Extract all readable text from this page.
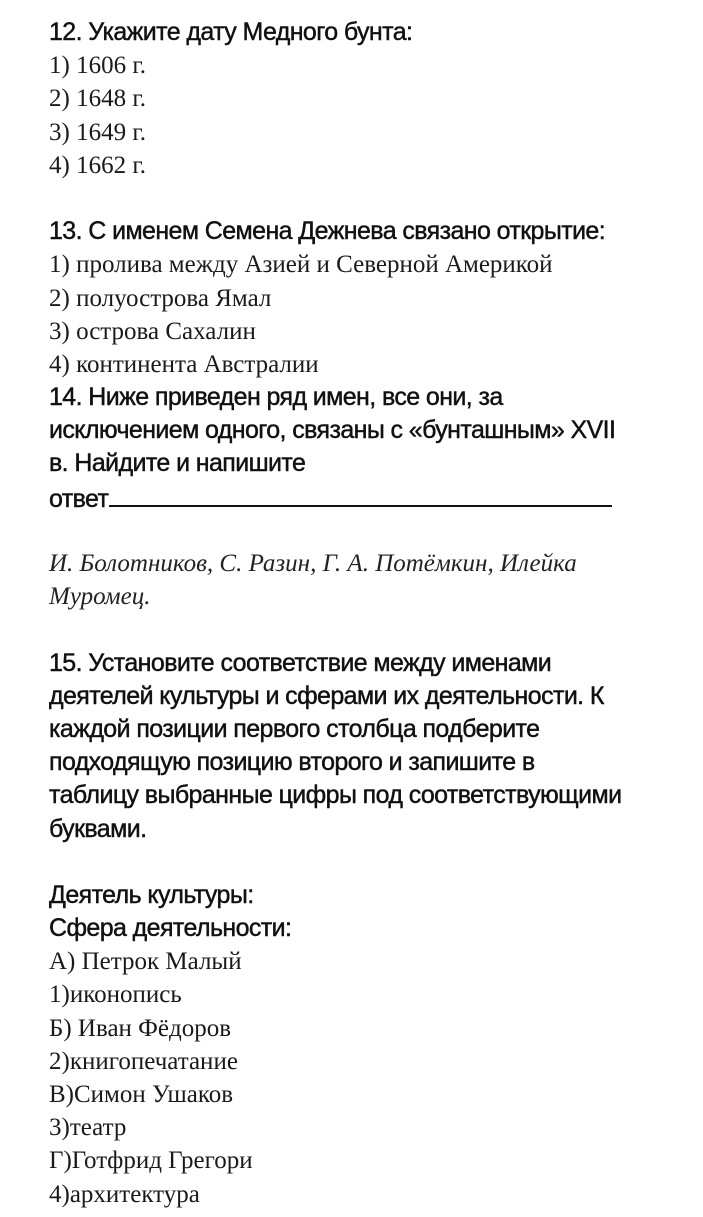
12. Укажите дату Медного бунта:
1) 1606 г.
2) 1648 г.
3) 1649 г.
4) 1662 г.
13. С именем Семена Дежнева связано открытие:
1) пролива между Азией и Северной Америкой
2) полуострова Ямал
3) острова Сахалин
4) континента Австралии
14. Ниже приведен ряд имен, все они, за
исключением одного, связаны с «бунташным» XVII
в. Найдите и напишите
ответ
И. Болотников, С. Разин, Г. А. Потёмкин, Илейка
Муромец.
15. Установите соответствие между именами
деятелей культуры и сферами их деятельности. К
каждой позиции первого столбца подберите
подходящую позицию второго и запишите в
таблицу выбранные цифры под соответствующими
буквами.
Деятель культуры:
Сфера деятельности:
А) Петрок Малый
1)иконопись
Б) Иван Фёдоров
2)книгопечатание
В)Симон Ушаков
3)театр
Г)Готфрид Грегори
4)архитектура
